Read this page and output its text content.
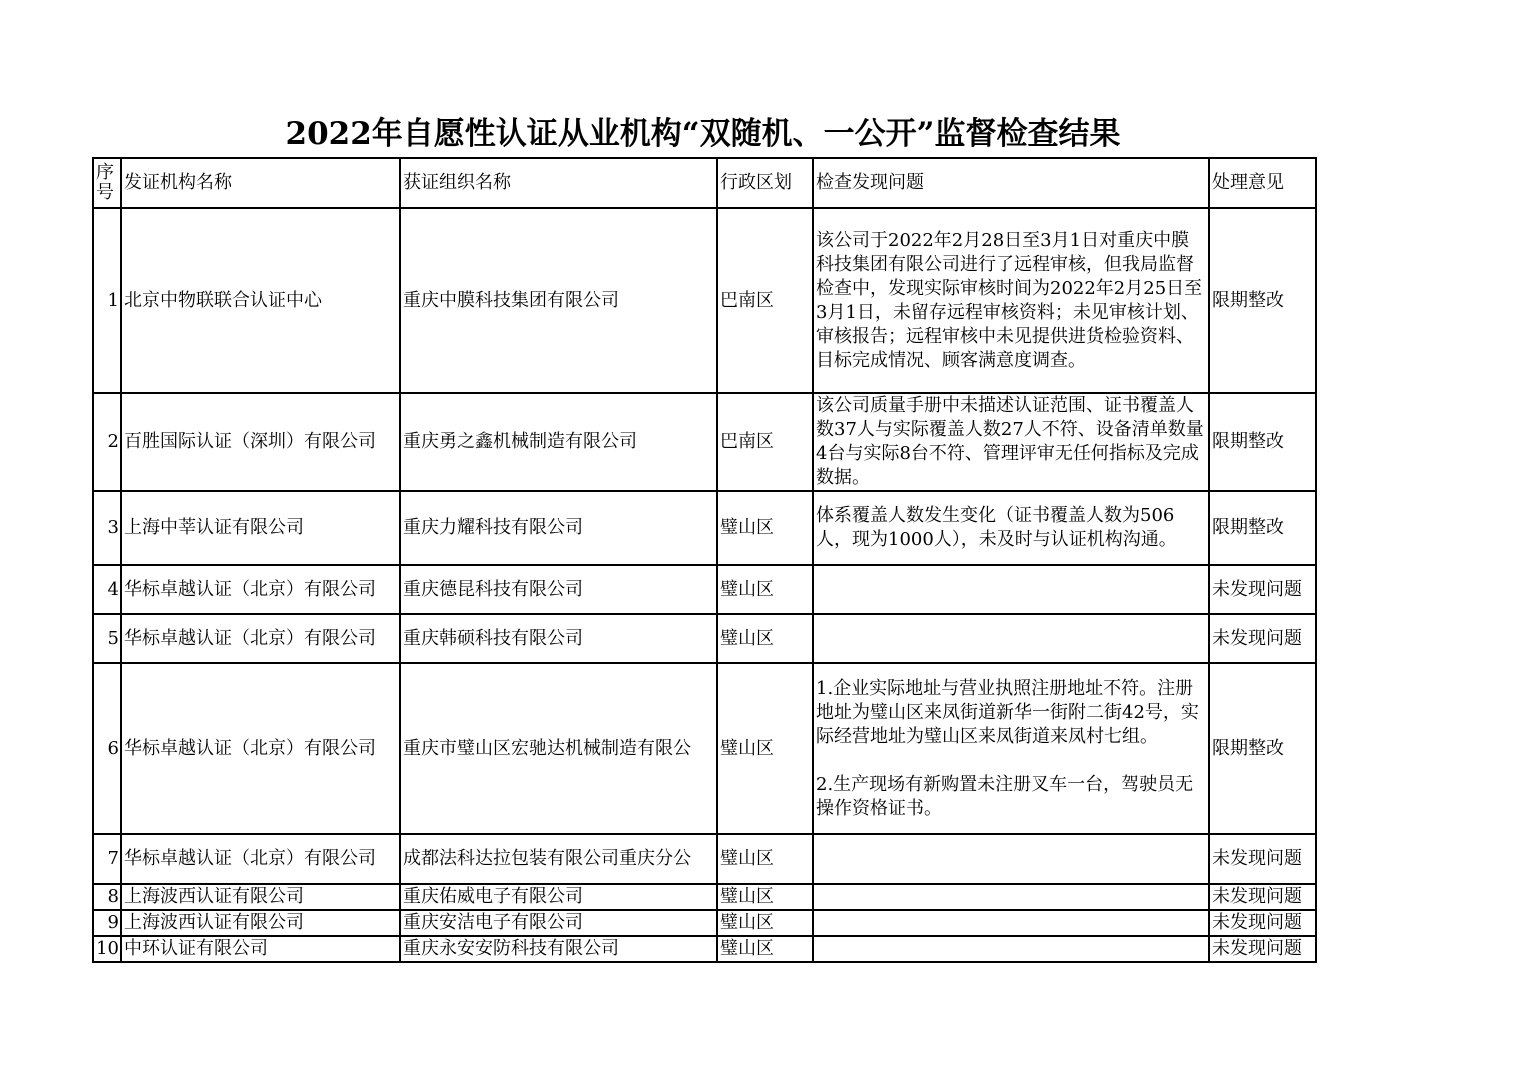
2022年自愿性认证从业机构“双随机、一公开”监督检查结果
序号	发证机构名称	获证组织名称	行政区划	检查发现问题	处理意见
1	北京中物联联合认证中心	重庆中膜科技集团有限公司	巴南区	该公司于2022年2月28日至3月1日对重庆中膜科技集团有限公司进行了远程审核，但我局监督检查中，发现实际审核时间为2022年2月25日至3月1日，未留存远程审核资料；未见审核计划、审核报告；远程审核中未见提供进货检验资料、目标完成情况、顾客满意度调查。	限期整改
2	百胜国际认证（深圳）有限公司	重庆勇之鑫机械制造有限公司	巴南区	该公司质量手册中未描述认证范围、证书覆盖人数37人与实际覆盖人数27人不符、设备清单数量4台与实际8台不符、管理评审无任何指标及完成数据。	限期整改
3	上海中莘认证有限公司	重庆力耀科技有限公司	璧山区	体系覆盖人数发生变化（证书覆盖人数为506人，现为1000人），未及时与认证机构沟通。	限期整改
4	华标卓越认证（北京）有限公司	重庆德昆科技有限公司	璧山区		未发现问题
5	华标卓越认证（北京）有限公司	重庆韩硕科技有限公司	璧山区		未发现问题
6	华标卓越认证（北京）有限公司	重庆市璧山区宏驰达机械制造有限公	璧山区	1.企业实际地址与营业执照注册地址不符。注册地址为璧山区来凤街道新华一街附二街42号，实际经营地址为璧山区来凤街道来凤村七组。

2.生产现场有新购置未注册叉车一台，驾驶员无操作资格证书。	限期整改
7	华标卓越认证（北京）有限公司	成都法科达拉包装有限公司重庆分公	璧山区		未发现问题
8	上海波西认证有限公司	重庆佑威电子有限公司	璧山区		未发现问题
9	上海波西认证有限公司	重庆安洁电子有限公司	璧山区		未发现问题
10	中环认证有限公司	重庆永安安防科技有限公司	璧山区		未发现问题
